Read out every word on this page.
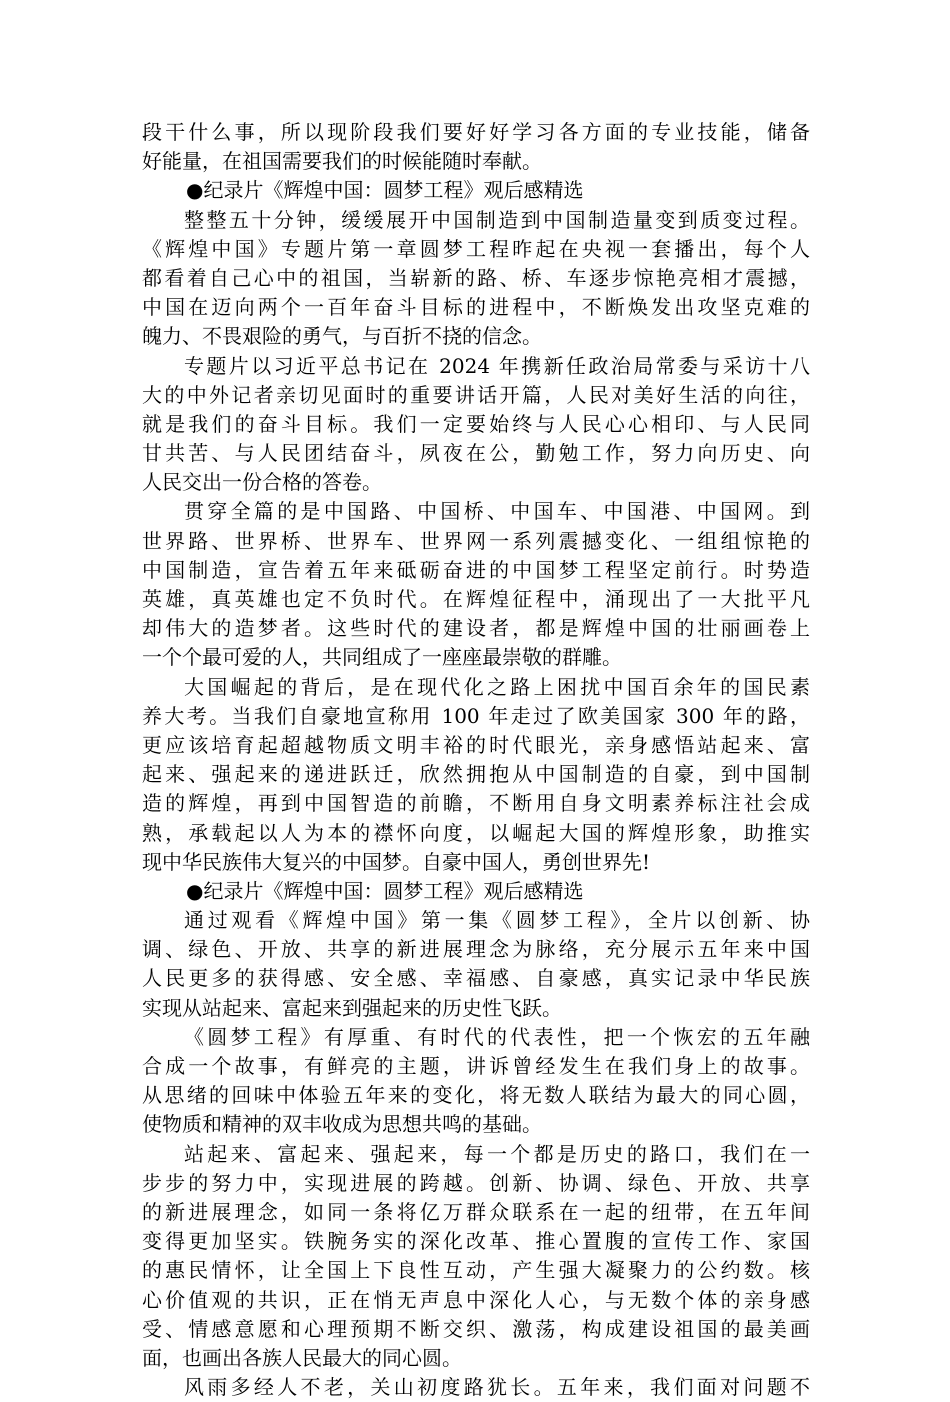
段干什么事，所以现阶段我们要好好学习各方面的专业技能，储备
好能量，在祖国需要我们的时候能随时奉献。
●纪录片《辉煌中国：圆梦工程》观后感精选
整整五十分钟，缓缓展开中国制造到中国制造量变到质变过程。
《辉煌中国》专题片第一章圆梦工程昨起在央视一套播出，每个人
都看着自己心中的祖国，当崭新的路、桥、车逐步惊艳亮相才震撼，
中国在迈向两个一百年奋斗目标的进程中，不断焕发出攻坚克难的
魄力、不畏艰险的勇气，与百折不挠的信念。
专题片以习近平总书记在 2024 年携新任政治局常委与采访十八
大的中外记者亲切见面时的重要讲话开篇，人民对美好生活的向往，
就是我们的奋斗目标。我们一定要始终与人民心心相印、与人民同
甘共苦、与人民团结奋斗，夙夜在公，勤勉工作，努力向历史、向
人民交出一份合格的答卷。
贯穿全篇的是中国路、中国桥、中国车、中国港、中国网。到
世界路、世界桥、世界车、世界网一系列震撼变化、一组组惊艳的
中国制造，宣告着五年来砥砺奋进的中国梦工程坚定前行。时势造
英雄，真英雄也定不负时代。在辉煌征程中，涌现出了一大批平凡
却伟大的造梦者。这些时代的建设者，都是辉煌中国的壮丽画卷上
一个个最可爱的人，共同组成了一座座最崇敬的群雕。
大国崛起的背后，是在现代化之路上困扰中国百余年的国民素
养大考。当我们自豪地宣称用 100 年走过了欧美国家 300 年的路，
更应该培育起超越物质文明丰裕的时代眼光，亲身感悟站起来、富
起来、强起来的递进跃迁，欣然拥抱从中国制造的自豪，到中国制
造的辉煌，再到中国智造的前瞻，不断用自身文明素养标注社会成
熟，承载起以人为本的襟怀向度，以崛起大国的辉煌形象，助推实
现中华民族伟大复兴的中国梦。自豪中国人，勇创世界先!
●纪录片《辉煌中国：圆梦工程》观后感精选
通过观看《辉煌中国》第一集《圆梦工程》，全片以创新、协
调、绿色、开放、共享的新进展理念为脉络，充分展示五年来中国
人民更多的获得感、安全感、幸福感、自豪感，真实记录中华民族
实现从站起来、富起来到强起来的历史性飞跃。
《圆梦工程》有厚重、有时代的代表性，把一个恢宏的五年融
合成一个故事，有鲜亮的主题，讲诉曾经发生在我们身上的故事。
从思绪的回味中体验五年来的变化，将无数人联结为最大的同心圆，
使物质和精神的双丰收成为思想共鸣的基础。
站起来、富起来、强起来，每一个都是历史的路口，我们在一
步步的努力中，实现进展的跨越。创新、协调、绿色、开放、共享
的新进展理念，如同一条将亿万群众联系在一起的纽带，在五年间
变得更加坚实。铁腕务实的深化改革、推心置腹的宣传工作、家国
的惠民情怀，让全国上下良性互动，产生强大凝聚力的公约数。核
心价值观的共识，正在悄无声息中深化人心，与无数个体的亲身感
受、情感意愿和心理预期不断交织、激荡，构成建设祖国的最美画
面，也画出各族人民最大的同心圆。
风雨多经人不老，关山初度路犹长。五年来，我们面对问题不
